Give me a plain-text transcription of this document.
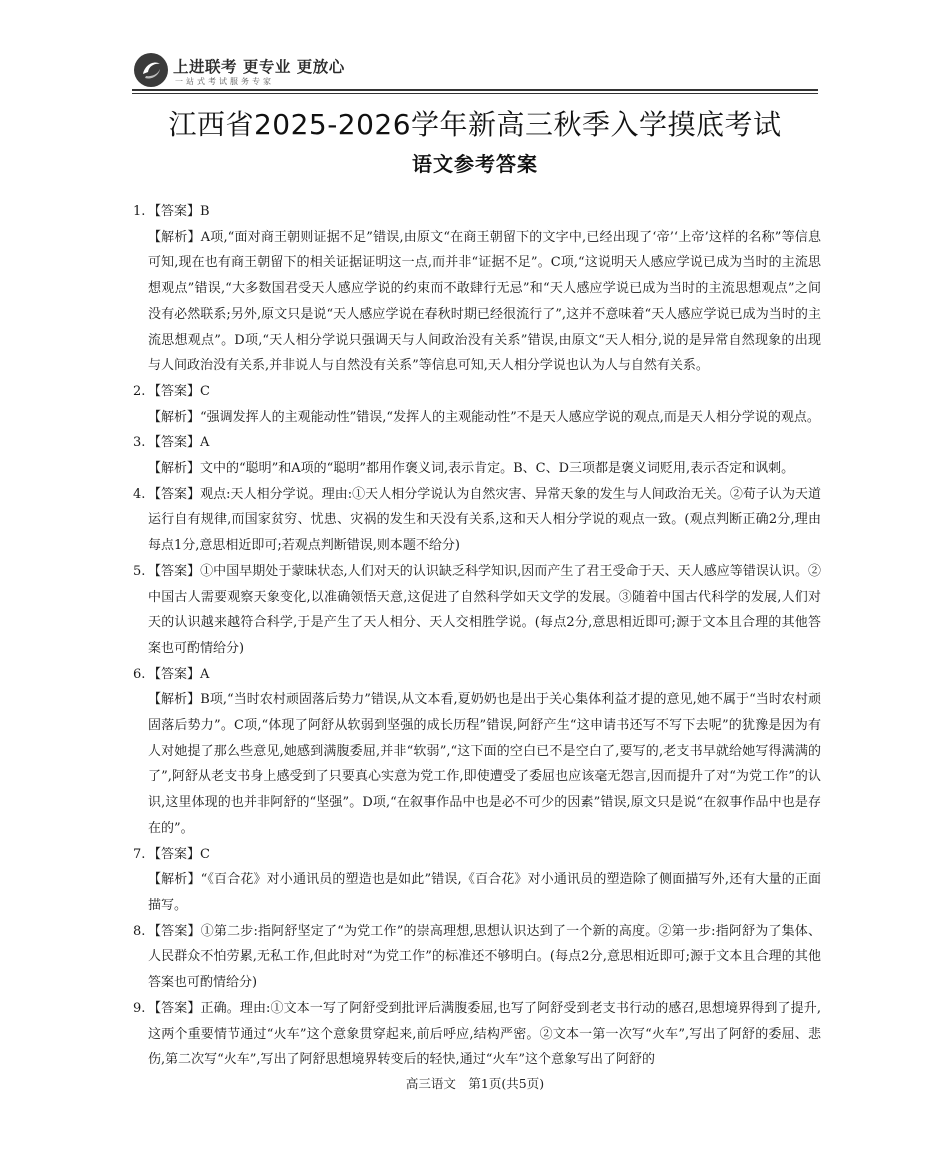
上进联考 更专业 更放心
一站式考试服务专家
江西省2025-2026学年新高三秋季入学摸底考试
语文参考答案
1. 【答案】B

【解析】A项,“面对商王朝则证据不足”错误,由原文“在商王朝留下的文字中,已经出现了‘帝’‘上帝’这样的名称”等信息可知,现在也有商王朝留下的相关证据证明这一点,而并非“证据不足”。C项,“这说明天人感应学说已成为当时的主流思想观点”错误,“大多数国君受天人感应学说的约束而不敢肆行无忌”和“天人感应学说已成为当时的主流思想观点”之间没有必然联系;另外,原文只是说“天人感应学说在春秋时期已经很流行了”,这并不意味着“天人感应学说已成为当时的主流思想观点”。D项,“天人相分学说只强调天与人间政治没有关系”错误,由原文“天人相分,说的是异常自然现象的出现与人间政治没有关系,并非说人与自然没有关系”等信息可知,天人相分学说也认为人与自然有关系。

2. 【答案】C

【解析】“强调发挥人的主观能动性”错误,“发挥人的主观能动性”不是天人感应学说的观点,而是天人相分学说的观点。

3. 【答案】A

【解析】文中的“聪明”和A项的“聪明”都用作褒义词,表示肯定。B、C、D三项都是褒义词贬用,表示否定和讽刺。

4. 【答案】观点:天人相分学说。理由:①天人相分学说认为自然灾害、异常天象的发生与人间政治无关。②荀子认为天道运行自有规律,而国家贫穷、忧患、灾祸的发生和天没有关系,这和天人相分学说的观点一致。(观点判断正确2分,理由每点1分,意思相近即可;若观点判断错误,则本题不给分)

5. 【答案】①中国早期处于蒙昧状态,人们对天的认识缺乏科学知识,因而产生了君王受命于天、天人感应等错误认识。②中国古人需要观察天象变化,以准确领悟天意,这促进了自然科学如天文学的发展。③随着中国古代科学的发展,人们对天的认识越来越符合科学,于是产生了天人相分、天人交相胜学说。(每点2分,意思相近即可;源于文本且合理的其他答案也可酌情给分)

6. 【答案】A

【解析】B项,“当时农村顽固落后势力”错误,从文本看,夏奶奶也是出于关心集体利益才提的意见,她不属于“当时农村顽固落后势力”。C项,“体现了阿舒从软弱到坚强的成长历程”错误,阿舒产生“这申请书还写不写下去呢”的犹豫是因为有人对她提了那么些意见,她感到满腹委屈,并非“软弱”,“这下面的空白已不是空白了,要写的,老支书早就给她写得满满的了”,阿舒从老支书身上感受到了只要真心实意为党工作,即使遭受了委屈也应该毫无怨言,因而提升了对“为党工作”的认识,这里体现的也并非阿舒的“坚强”。D项,“在叙事作品中也是必不可少的因素”错误,原文只是说“在叙事作品中也是存在的”。

7. 【答案】C

【解析】“《百合花》对小通讯员的塑造也是如此”错误,《百合花》对小通讯员的塑造除了侧面描写外,还有大量的正面描写。

8. 【答案】①第二步:指阿舒坚定了“为党工作”的崇高理想,思想认识达到了一个新的高度。②第一步:指阿舒为了集体、人民群众不怕劳累,无私工作,但此时对“为党工作”的标准还不够明白。(每点2分,意思相近即可;源于文本且合理的其他答案也可酌情给分)

9. 【答案】正确。理由:①文本一写了阿舒受到批评后满腹委屈,也写了阿舒受到老支书行动的感召,思想境界得到了提升,这两个重要情节通过“火车”这个意象贯穿起来,前后呼应,结构严密。②文本一第一次写“火车”,写出了阿舒的委屈、悲伤,第二次写“火车”,写出了阿舒思想境界转变后的轻快,通过“火车”这个意象写出了阿舒的

高三语文　第1页(共5页)
